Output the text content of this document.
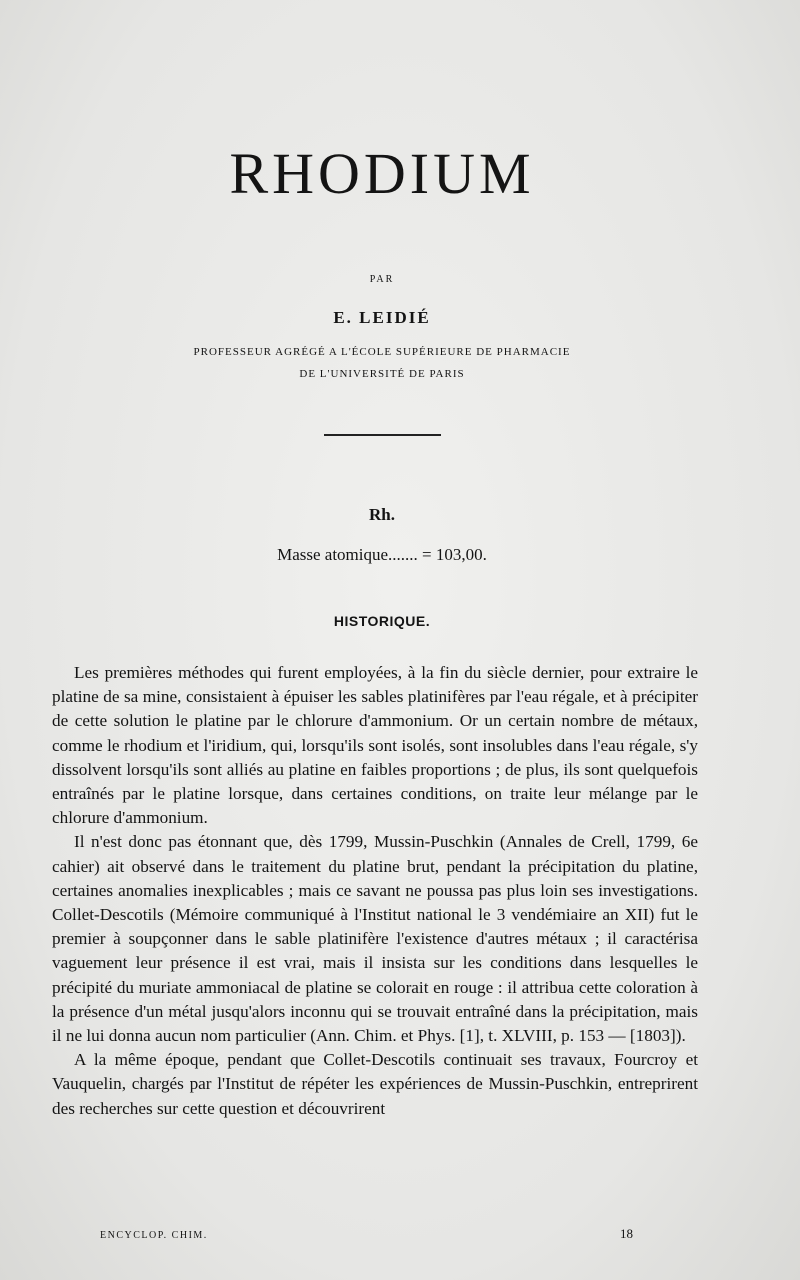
RHODIUM
PAR
E. LEIDIÉ
PROFESSEUR AGRÉGÉ A L'ÉCOLE SUPÉRIEURE DE PHARMACIE
DE L'UNIVERSITÉ DE PARIS
Rh.
Masse atomique....... = 103,00.
HISTORIQUE.

Les premières méthodes qui furent employées, à la fin du siècle dernier, pour extraire le platine de sa mine, consistaient à épuiser les sables platinifères par l'eau régale, et à précipiter de cette solution le platine par le chlorure d'ammonium. Or un certain nombre de métaux, comme le rhodium et l'iridium, qui, lorsqu'ils sont isolés, sont insolubles dans l'eau régale, s'y dissolvent lorsqu'ils sont alliés au platine en faibles proportions ; de plus, ils sont quelquefois entraînés par le platine lorsque, dans certaines conditions, on traite leur mélange par le chlorure d'ammonium.

Il n'est donc pas étonnant que, dès 1799, Mussin-Puschkin (Annales de Crell, 1799, 6e cahier) ait observé dans le traitement du platine brut, pendant la précipitation du platine, certaines anomalies inexplicables ; mais ce savant ne poussa pas plus loin ses investigations. Collet-Descotils (Mémoire communiqué à l'Institut national le 3 vendémiaire an XII) fut le premier à soupçonner dans le sable platinifère l'existence d'autres métaux ; il caractérisa vaguement leur présence il est vrai, mais il insista sur les conditions dans lesquelles le précipité du muriate ammoniacal de platine se colorait en rouge : il attribua cette coloration à la présence d'un métal jusqu'alors inconnu qui se trouvait entraîné dans la précipitation, mais il ne lui donna aucun nom particulier (Ann. Chim. et Phys. [1], t. XLVIII, p. 153 — [1803]).

A la même époque, pendant que Collet-Descotils continuait ses travaux, Fourcroy et Vauquelin, chargés par l'Institut de répéter les expériences de Mussin-Puschkin, entreprirent des recherches sur cette question et découvrirent

ENCYCLOP. CHIM.	18
